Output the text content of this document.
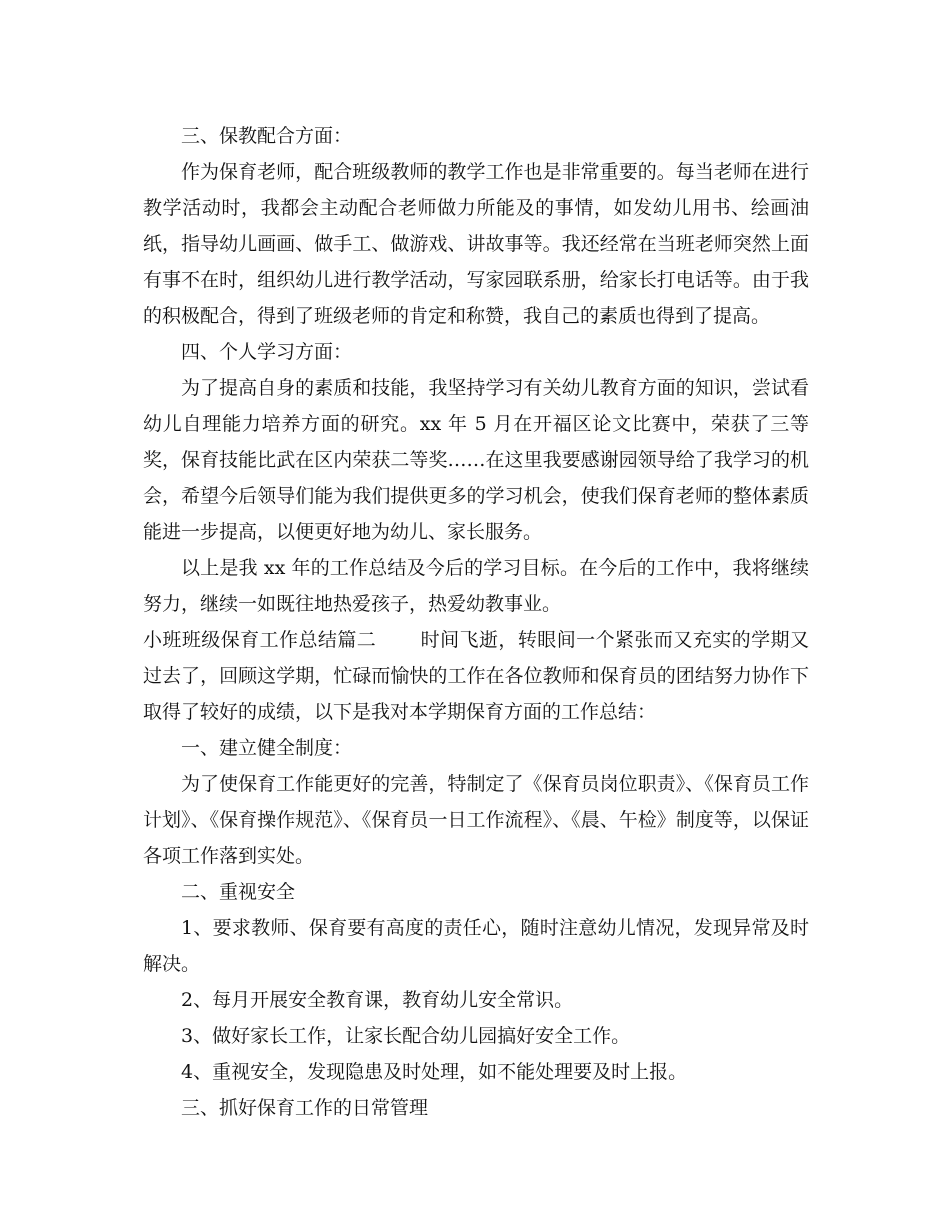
三、保教配合方面：

作为保育老师，配合班级教师的教学工作也是非常重要的。每当老师在进行教学活动时，我都会主动配合老师做力所能及的事情，如发幼儿用书、绘画油纸，指导幼儿画画、做手工、做游戏、讲故事等。我还经常在当班老师突然上面有事不在时，组织幼儿进行教学活动，写家园联系册，给家长打电话等。由于我的积极配合，得到了班级老师的肯定和称赞，我自己的素质也得到了提高。

四、个人学习方面：

为了提高自身的素质和技能，我坚持学习有关幼儿教育方面的知识，尝试看幼儿自理能力培养方面的研究。xx 年 5 月在开福区论文比赛中，荣获了三等奖，保育技能比武在区内荣获二等奖……在这里我要感谢园领导给了我学习的机会，希望今后领导们能为我们提供更多的学习机会，使我们保育老师的整体素质能进一步提高，以便更好地为幼儿、家长服务。

以上是我 xx 年的工作总结及今后的学习目标。在今后的工作中，我将继续努力，继续一如既往地热爱孩子，热爱幼教事业。

小班班级保育工作总结篇二 时间飞逝，转眼间一个紧张而又充实的学期又过去了，回顾这学期，忙碌而愉快的工作在各位教师和保育员的团结努力协作下取得了较好的成绩，以下是我对本学期保育方面的工作总结：

一、建立健全制度：

为了使保育工作能更好的完善，特制定了《保育员岗位职责》、《保育员工作计划》、《保育操作规范》、《保育员一日工作流程》、《晨、午检》制度等，以保证各项工作落到实处。

二、重视安全

1、要求教师、保育要有高度的责任心，随时注意幼儿情况，发现异常及时解决。

2、每月开展安全教育课，教育幼儿安全常识。

3、做好家长工作，让家长配合幼儿园搞好安全工作。

4、重视安全，发现隐患及时处理，如不能处理要及时上报。

三、抓好保育工作的日常管理
